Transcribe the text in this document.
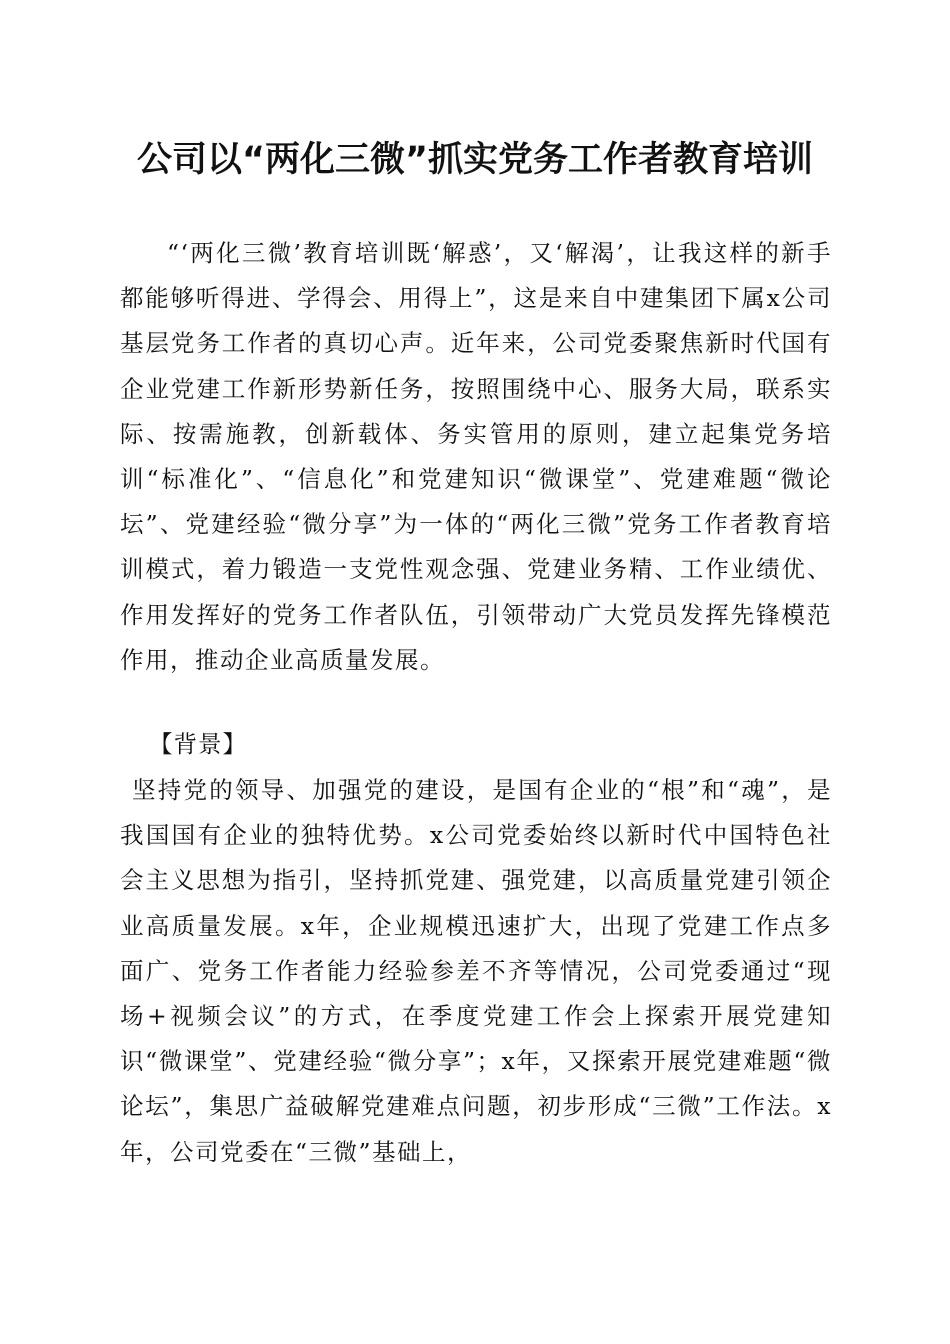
公司以“两化三微”抓实党务工作者教育培训

“‘两化三微’教育培训既‘解惑’，又‘解渴’，让我这样的新手都能够听得进、学得会、用得上”，这是来自中建集团下属x公司基层党务工作者的真切心声。近年来，公司党委聚焦新时代国有企业党建工作新形势新任务，按照围绕中心、服务大局，联系实际、按需施教，创新载体、务实管用的原则，建立起集党务培训“标准化”、“信息化”和党建知识“微课堂”、党建难题“微论坛”、党建经验“微分享”为一体的“两化三微”党务工作者教育培训模式，着力锻造一支党性观念强、党建业务精、工作业绩优、作用发挥好的党务工作者队伍，引领带动广大党员发挥先锋模范作用，推动企业高质量发展。

【背景】

坚持党的领导、加强党的建设，是国有企业的“根”和“魂”，是我国国有企业的独特优势。x公司党委始终以新时代中国特色社会主义思想为指引，坚持抓党建、强党建，以高质量党建引领企业高质量发展。x年，企业规模迅速扩大，出现了党建工作点多面广、党务工作者能力经验参差不齐等情况，公司党委通过“现场+视频会议”的方式，在季度党建工作会上探索开展党建知识“微课堂”、党建经验“微分享”；x年，又探索开展党建难题“微论坛”，集思广益破解党建难点问题，初步形成“三微”工作法。x年，公司党委在“三微”基础上，
